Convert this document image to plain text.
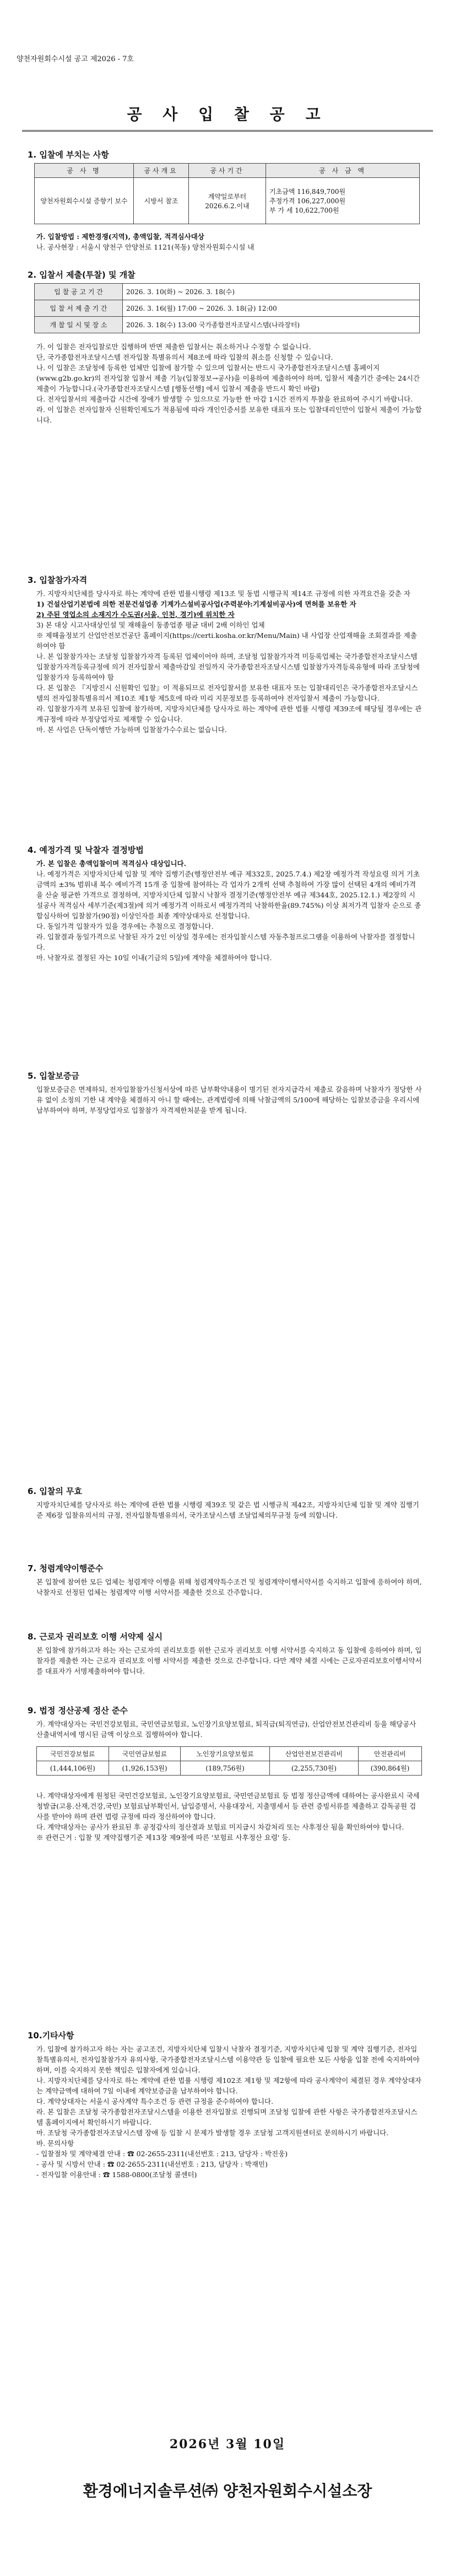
양천자원회수시설 공고 제2026 - 7호
공 사 입 찰 공 고
1. 입찰에 부치는 사항
공 사 명	공사개요	공사기간	공 사 금 액
양천자원회수시설 증향기 보수	시방서 참조	계약일로부터 2026.6.2.이내	기초금액 116,849,700원
추정가격 106,227,000원
부 가 세 10,622,700원
가. 입찰방법 : 제한경쟁(지역), 총액입찰, 적격심사대상
나. 공사현장 : 서울시 양천구 안양천로 1121(목동) 양천자원회수시설 내
2. 입찰서 제출(투찰) 및 개찰
입 찰 공 고 기 간	2026. 3. 10(화) ~ 2026. 3. 18(수)
입 찰 서 제 출 기 간	2026. 3. 16(월) 17:00 ~ 2026. 3. 18(금) 12:00
개 찰 일 시 및 장 소	2026. 3. 18(수) 13:00 국가종합전자조달시스템(나라장터)
가. 이 입찰은 전자입찰로만 집행하며 반면 제출한 입찰서는 취소하거나 수정할 수 없습니다.
단, 국가종합전자조달시스템 전자입찰 특별유의서 제8조에 따라 입찰의 취소를 신청할 수 있습니다.
나. 이 입찰은 조달청에 등록한 업체만 입찰에 참가할 수 있으며 입찰서는 반드시 국가종합전자조달시스템 홈페이지(www.g2b.go.kr)의 전자입찰 입찰서 제출 기능(입찰정보→공사)을 이용하여 제출하여야 하며, 입찰서 제출기간 중에는 24시간 제출이 가능합니다.(국가종합전자조달시스템 [행동선행] 에서 입찰서 제출을 반드시 확인 바람)
다. 전자입찰서의 제출마감 시간에 장애가 발생할 수 있으므로 가능한 한 마감 1시간 전까지 투찰을 완료하여 주시기 바랍니다.
라. 이 입찰은 전자입찰자 신원확인제도가 적용됨에 따라 개인인증서를 보유한 대표자 또는 입찰대리인만이 입찰서 제출이 가능합니다.
3. 입찰참가자격
가. 지방자치단체를 당사자로 하는 계약에 관한 법률시행령 제13조 및 동법 시행규칙 제14조 규정에 의한 자격요건을 갖춘 자
1) 건설산업기본법에 의한 전문건설업종 기계가스설비공사업(주력분야:기계설비공사)에 면허를 보유한 자
2) 주된 영업소의 소재지가 수도권(서울, 인천, 경기)에 위치한 자
3) 본 대상 시고사대상인설 및 재해율이 동종업종 평균 대비 2배 이하인 업체
※ 제해율정보기 산업안전보건공단 홈페이지(https://certi.kosha.or.kr/Menu/Main) 내 사업장 산업재해율 조회결과를 제출하여야 함
나. 본 입찰참가자는 조달청 입찰참가자격 등록된 업체이어야 하며, 조달청 입찰참가자격 미등록업체는 국가종합전자조달시스템 입찰참가자격등록규정에 의거 전자입찰서 제출마감일 전일까지 국가종합전자조달시스템 입찰참가자격등록유형에 따라 조달청에 입찰참가자 등록하여야 함
다. 본 입찰은 『지방진시 신원확인 입찰』이 적용되므로 전자입찰서를 보유한 대표자 또는 입찰대리인은 국가종합전자조달시스템의 전자입찰특별유의서 제10조 제1항 제5호에 따라 미리 지문정보를 등록하여야 전자입찰서 제출이 가능합니다.
라. 입찰참가자격 보유된 입찰에 참가하며, 지방자치단체를 당사자로 하는 계약에 관한 법률 시행령 제39조에 해당될 경우에는 관계규정에 따라 부정당업자로 제재할 수 있습니다.
마. 본 사업은 단독이행만 가능하며 입찰참가수수료는 없습니다.
4. 예정가격 및 낙찰자 결정방법
가. 본 입찰은 총액입찰이며 적격심사 대상입니다.
나. 예정가격은 지방자치단체 입찰 및 계약 집행기준(행정안전부 예규 제332호, 2025.7.4.) 제2장 예정가격 작성요령 의거 기초금액의 ±3% 범위내 복수 예비가격 15개 중 입찰에 참여하는 각 업자가 2개씩 선택 추첨하여 가장 많이 선택된 4개의 예비가격을 산술 평균한 가격으로 결정하며, 지방자치단체 입찰시 낙찰자 결정기준(행정안전부 예규 제344호, 2025.12.1.) 제2장의 시설공사 적격심사 세부기준(제3절)에 의거 예정가격 이하로서 예정가격의 낙찰하한율(89.745%) 이상 최저가격 입찰자 순으로 종합심사하여 입찰참가(90점) 이상인자를 최종 계약상대자로 선정합니다.
다. 동일가격 입찰자가 있을 경우에는 추첨으로 결정합니다.
라. 입찰결과 동일가격으로 낙찰된 자가 2인 이상일 경우에는 전자입찰시스템 자동추첨프로그램을 이용하여 낙찰자를 결정합니다.
마. 낙찰자로 결정된 자는 10일 이내(기금의 5일)에 계약을 체결하여야 합니다.
5. 입찰보증금
입찰보증금은 면제하되, 전자입찰참가신청서상에 따른 납부확약내용이 명기된 전자지급각서 제출로 갈음하며 낙찰자가 정당한 사유 없이 소정의 기한 내 계약을 체결하지 아니 할 때에는, 관계법령에 의해 낙찰금액의 5/100에 해당하는 입찰보증금을 우리시에 납부하여야 하며, 부정당업자로 입찰참가 자격제한처분을 받게 됩니다.
6. 입찰의 무효
지방자치단체를 당사자로 하는 계약에 관한 법률 시행령 제39조 및 같은 법 시행규칙 제42조, 지방자치단체 입찰 및 계약 집행기준 제6장 입찰유의서의 규정, 전자입찰특별유의서, 국가조달시스템 조달업체의무규정 등에 의합니다.
7. 청렴계약이행준수
본 입찰에 참여한 모든 업체는 청렴계약 이행을 위해 청렴계약특수조건 및 청렴계약이행서약서를 숙지하고 입찰에 응하여야 하며, 낙찰자로 선정된 업체는 청렴계약 이행 서약서를 제출한 것으로 간주합니다.
8. 근로자 권리보호 이행 서약제 실시
본 입찰에 참가하고자 하는 자는 근로자의 권리보호를 위한 근로자 권리보호 이행 서약서를 숙지하고 동 입찰에 응하여야 하며, 입찰자를 제출한 자는 근로자 권리보호 이행 서약서를 제출한 것으로 간주합니다. 다만 계약 체결 시에는 근로자권리보호이행서약서를 대표자가 서명제출하여야 합니다.
9. 법정 정산공제 정산 준수
가. 계약대상자는 국민건강보험료, 국민연금보험료, 노인장기요양보험료, 퇴직금(퇴직연금), 산업안전보건관리비 등을 해당공사 산출내역서에 명시된 금액 이상으로 집행하여야 합니다.
국민건강보험료	국민연금보험료	노인장기요양보험료	산업안전보건관리비	안전관리비
(1,444,106원)	(1,926,153원)	(189,756원)	(2,255,730원)	(390,864원)
나. 계약대상자에게 원청된 국민건강보험료, 노인장기요양보험료, 국민연금보험료 등 법정 정산금액에 대하여는 공사완료시 국세청발급(고용.산재,건강,국민) 보험료납부확인서, 납입증명서, 사용대장서, 지출명세서 등 관련 증빙서류를 제출하고 감독공원 검사를 받아야 하며 관련 법령 규정에 따라 정산하여야 합니다.
다. 계약대상자는 공사가 완료된 후 공정감사의 정산결과 보험료 미지급시 차감처리 또는 사후정산 됨을 확인하여야 합니다.
※ 관련근거 : 입찰 및 계약집행기준 제13장 제9절에 따른 '보험료 사후정산 요령' 등.
10.기타사항
가. 입찰에 참가하고자 하는 자는 공고조건, 지방자치단체 입찰시 낙찰자 결정기준, 지방자치단체 입찰 및 계약 집행기준, 전자입찰특별유의서, 전자입찰참가자 유의사항, 국가종합전자조달시스템 이용약관 등 입찰에 필요한 모든 사항을 입찰 전에 숙지하여야 하며, 이를 숙지하지 못한 책임은 입찰자에게 있습니다.
나. 지방자치단체를 당사자로 하는 계약에 관한 법률 시행령 제102조 제1항 및 제2항에 따라 공사계약이 체결된 경우 계약상대자는 계약금액에 대하여 7일 이내에 계약보증금을 납부하여야 합니다.
다. 계약상대자는 서울시 공사계약 특수조건 등 관련 규정을 준수하여야 합니다.
라. 본 입찰은 조달청 국가종합전자조달시스템을 이용한 전자입찰로 진행되며 조달청 입찰에 관한 사항은 국가종합전자조달시스템 홈페이지에서 확인하시기 바랍니다.
마. 조달청 국가종합전자조달시스템 장애 등 입찰 시 문제가 발생할 경우 조달청 고객지원센터로 문의하시기 바랍니다.
바. 문의사항
- 입찰절차 및 계약체결 안내 : ☎ 02-2655-2311(내선번호 : 213, 담당자 : 박진웅)
- 공사 및 시방서 안내 : ☎ 02-2655-2311(내선번호 : 213, 담당자 : 박재민)
- 전자입찰 이용안내 : ☎ 1588-0800(조달청 콜센터)
2026년 3월 10일
환경에너지솔루션㈜ 양천자원회수시설소장
